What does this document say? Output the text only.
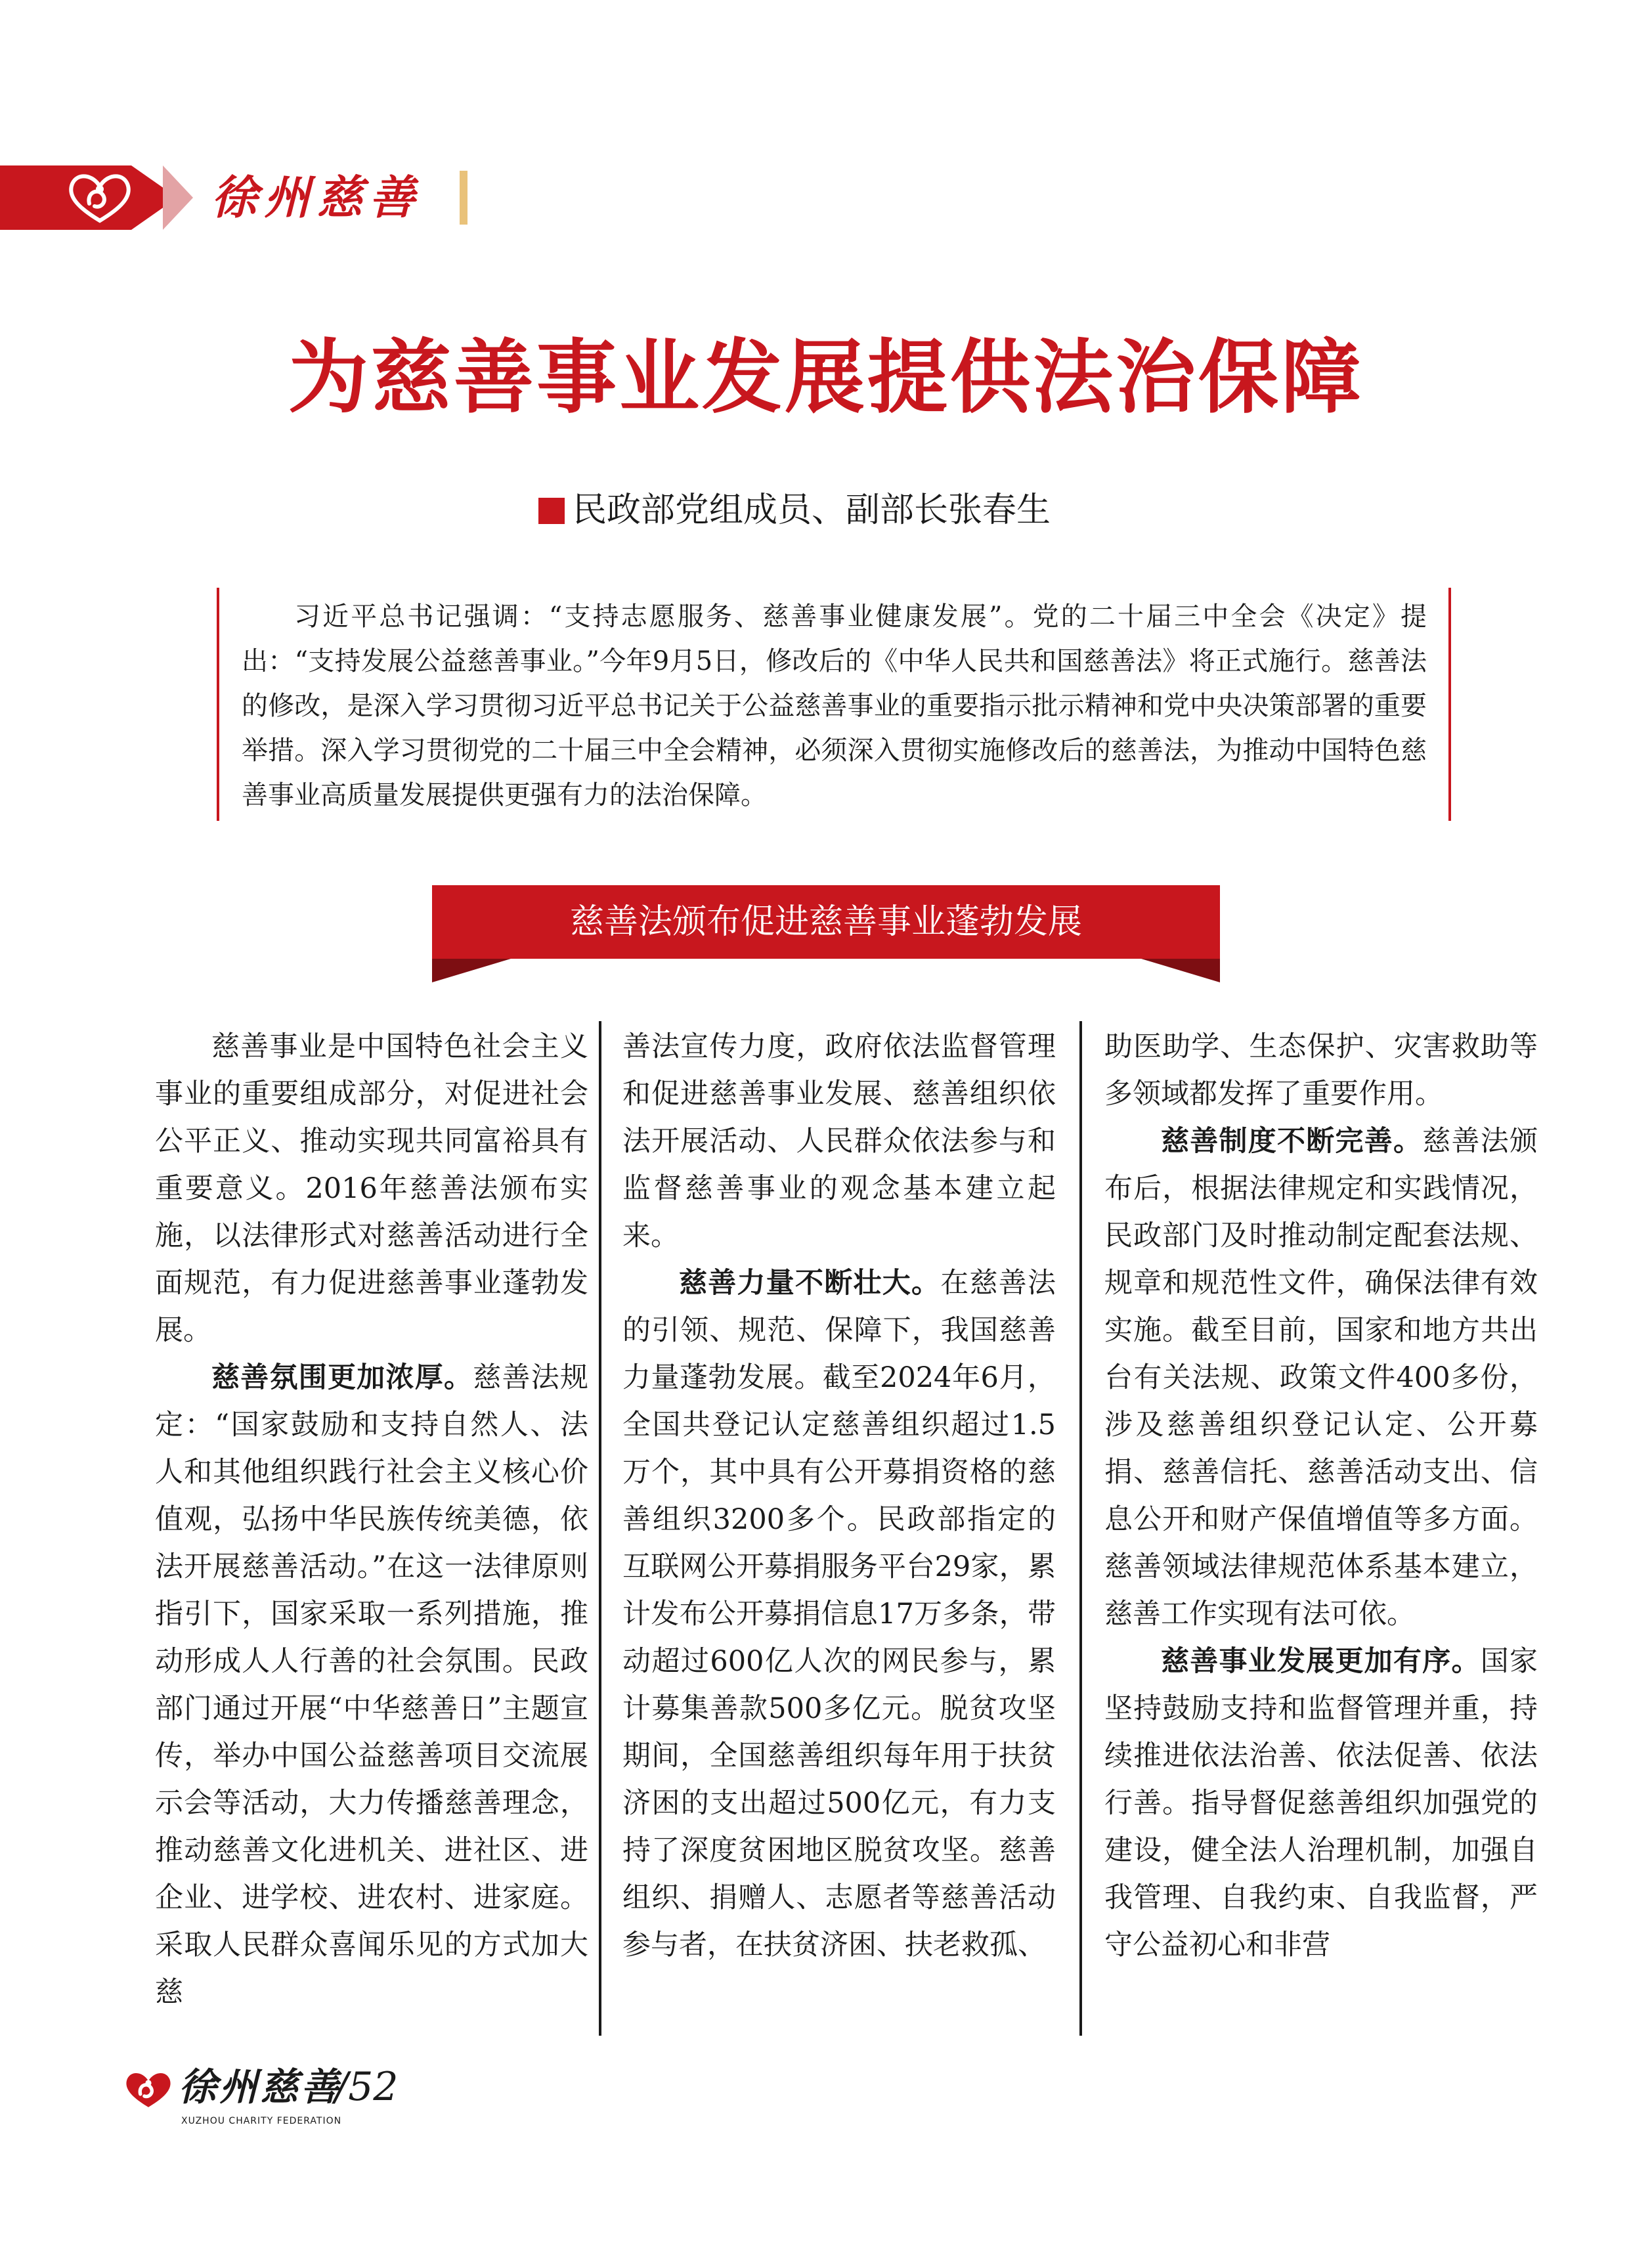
徐州慈善
为慈善事业发展提供法治保障
民政部党组成员、副部长张春生
习近平总书记强调：“支持志愿服务、慈善事业健康发展”。党的二十届三中全会《决定》提出：“支持发展公益慈善事业。”今年9月5日，修改后的《中华人民共和国慈善法》将正式施行。慈善法的修改，是深入学习贯彻习近平总书记关于公益慈善事业的重要指示批示精神和党中央决策部署的重要举措。深入学习贯彻党的二十届三中全会精神，必须深入贯彻实施修改后的慈善法，为推动中国特色慈善事业高质量发展提供更强有力的法治保障。
慈善法颁布促进慈善事业蓬勃发展

慈善事业是中国特色社会主义事业的重要组成部分，对促进社会公平正义、推动实现共同富裕具有重要意义。2016年慈善法颁布实施，以法律形式对慈善活动进行全面规范，有力促进慈善事业蓬勃发展。

慈善氛围更加浓厚。慈善法规定：“国家鼓励和支持自然人、法人和其他组织践行社会主义核心价值观，弘扬中华民族传统美德，依法开展慈善活动。”在这一法律原则指引下，国家采取一系列措施，推动形成人人行善的社会氛围。民政部门通过开展“中华慈善日”主题宣传，举办中国公益慈善项目交流展示会等活动，大力传播慈善理念，推动慈善文化进机关、进社区、进企业、进学校、进农村、进家庭。采取人民群众喜闻乐见的方式加大慈

善法宣传力度，政府依法监督管理和促进慈善事业发展、慈善组织依法开展活动、人民群众依法参与和监督慈善事业的观念基本建立起来。

慈善力量不断壮大。在慈善法的引领、规范、保障下，我国慈善力量蓬勃发展。截至2024年6月，全国共登记认定慈善组织超过1.5万个，其中具有公开募捐资格的慈善组织3200多个。民政部指定的互联网公开募捐服务平台29家，累计发布公开募捐信息17万多条，带动超过600亿人次的网民参与，累计募集善款500多亿元。脱贫攻坚期间，全国慈善组织每年用于扶贫济困的支出超过500亿元，有力支持了深度贫困地区脱贫攻坚。慈善组织、捐赠人、志愿者等慈善活动参与者，在扶贫济困、扶老救孤、

助医助学、生态保护、灾害救助等多领域都发挥了重要作用。

慈善制度不断完善。慈善法颁布后，根据法律规定和实践情况，民政部门及时推动制定配套法规、规章和规范性文件，确保法律有效实施。截至目前，国家和地方共出台有关法规、政策文件400多份，涉及慈善组织登记认定、公开募捐、慈善信托、慈善活动支出、信息公开和财产保值增值等多方面。慈善领域法律规范体系基本建立，慈善工作实现有法可依。

慈善事业发展更加有序。国家坚持鼓励支持和监督管理并重，持续推进依法治善、依法促善、依法行善。指导督促慈善组织加强党的建设，健全法人治理机制，加强自我管理、自我约束、自我监督，严守公益初心和非营

徐州慈善
XUZHOU CHARITY FEDERATION
/52
